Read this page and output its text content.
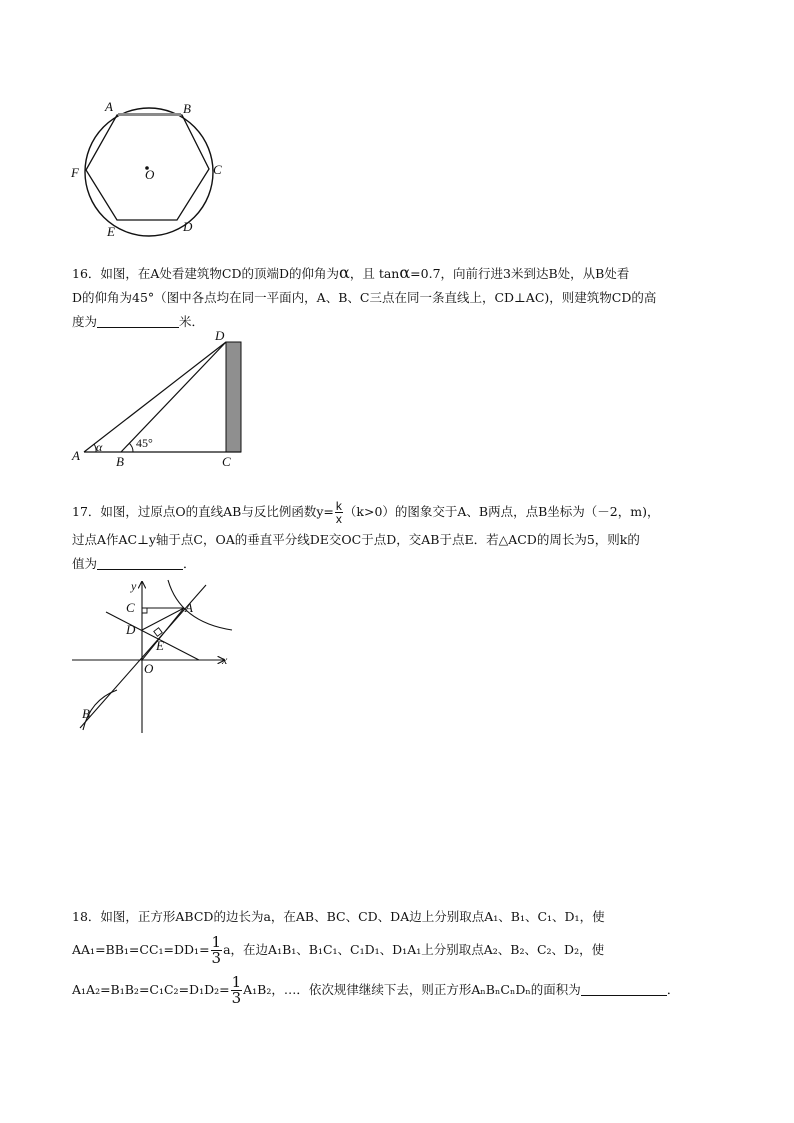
A	B
C
D
E
F	O
16．如图，在A处看建筑物CD的顶端D的仰角为α，且 tanα=0.7，向前行进3米到达B处，从B处看
D的仰角为45°（图中各点均在同一平面内，A、B、C三点在同一条直线上，CD⊥AC)，则建筑物CD的高
度为	米．
D
A
α
B
45°
C
17．如图，过原点O的直线AB与反比例函数$y= \frac{k}{x} (k>0)$的图象交于A、B两点，点B坐标为（－2，m)，
过点A作AC⊥y轴于点C，OA的垂直平分线DE交OC于点D，交AB于点E．若△ACD的周长为5，则k的
值为	．
y
x
C	A
D
E
O
B
18．如图，正方形ABCD的边长为a，在AB、BC、CD、DA边上分别取点A₁、B₁、C₁、D₁，使
$AA_1=BB_1=CC_1=DD_1= \frac{1}{3}$ a，在边A₁B₁、B₁C₁、C₁D₁、D₁A₁上分别取点A₂、B₂、C₂、D₂，使
$A_1A_2=B_1B_2=C_1C_2=D_1D_2= \frac{1}{3} A_1B_2$，…．依次规律继续下去，则正方形AₙBₙCₙDₙ的面积为	．
